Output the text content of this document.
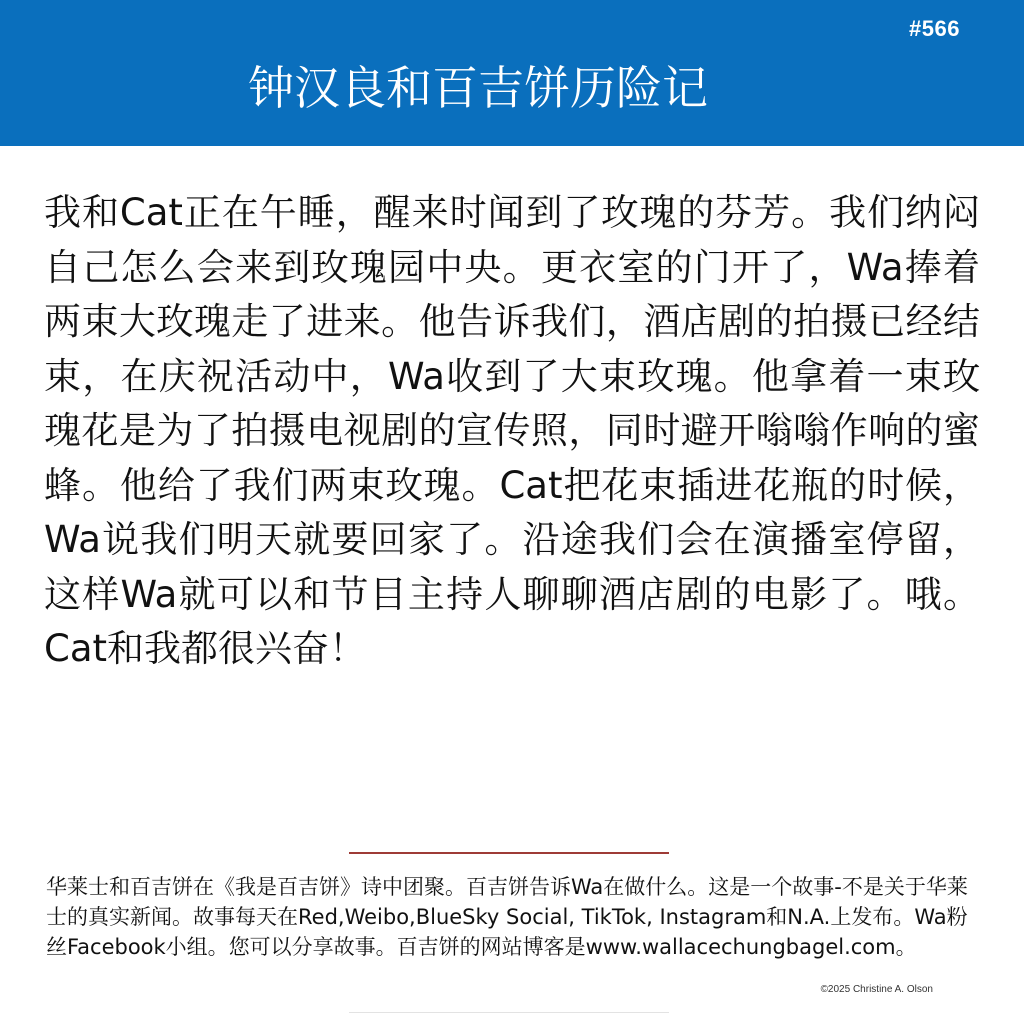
#566
钟汉良和百吉饼历险记

我和Cat正在午睡，醒来时闻到了玫瑰的芬芳。我们纳闷自己怎么会来到玫瑰园中央。更衣室的门开了，Wa捧着两束大玫瑰走了进来。他告诉我们，酒店剧的拍摄已经结束，在庆祝活动中，Wa收到了大束玫瑰。他拿着一束玫瑰花是为了拍摄电视剧的宣传照，同时避开嗡嗡作响的蜜蜂。他给了我们两束玫瑰。Cat把花束插进花瓶的时候，Wa说我们明天就要回家了。沿途我们会在演播室停留，这样Wa就可以和节目主持人聊聊酒店剧的电影了。哦。Cat和我都很兴奋！

华莱士和百吉饼在《我是百吉饼》诗中团聚。百吉饼告诉Wa在做什么。这是一个故事-不是关于华莱士的真实新闻。故事每天在Red,Weibo,BlueSky Social, TikTok, Instagram和N.A.上发布。Wa粉丝Facebook小组。您可以分享故事。百吉饼的网站博客是www.wallacechungbagel.com。

©2025 Christine A. Olson
